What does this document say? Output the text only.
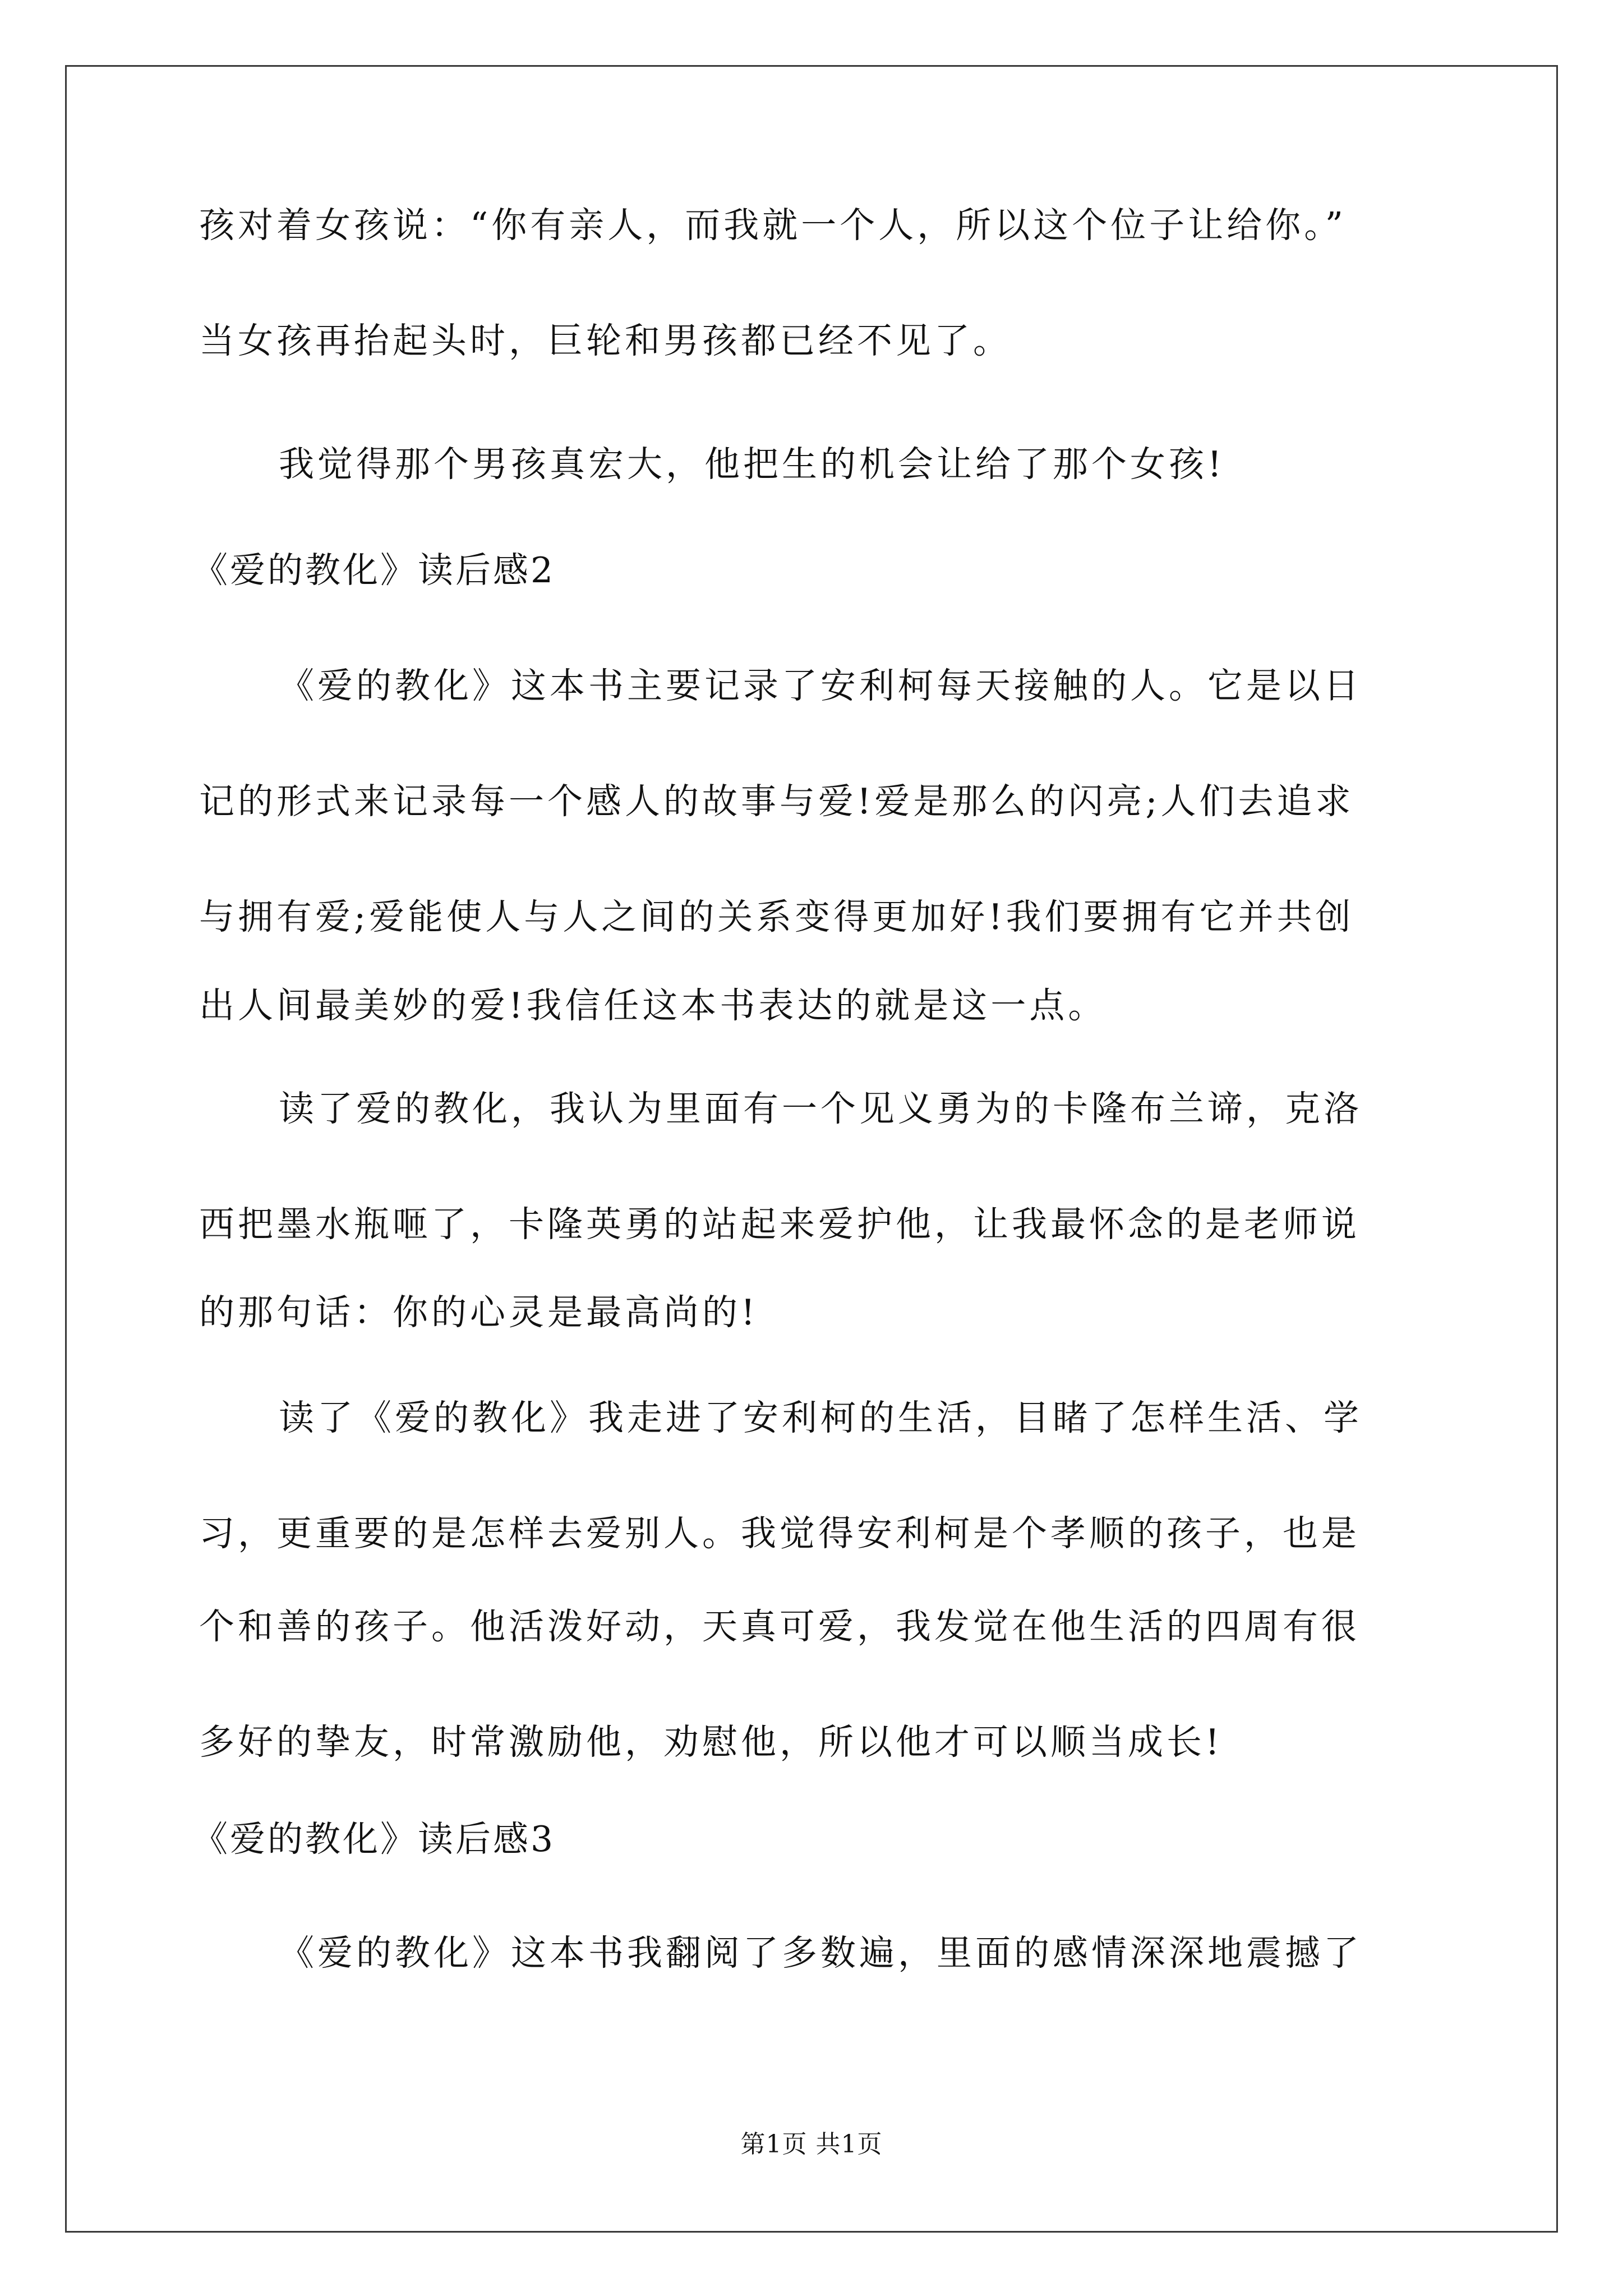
孩对着女孩说：“你有亲人，而我就一个人，所以这个位子让给你。”
当女孩再抬起头时，巨轮和男孩都已经不见了。
我觉得那个男孩真宏大，他把生的机会让给了那个女孩!
《爱的教化》读后感2
《爱的教化》这本书主要记录了安利柯每天接触的人。它是以日
记的形式来记录每一个感人的故事与爱!爱是那么的闪亮;人们去追求
与拥有爱;爱能使人与人之间的关系变得更加好!我们要拥有它并共创
出人间最美妙的爱!我信任这本书表达的就是这一点。
读了爱的教化，我认为里面有一个见义勇为的卡隆布兰谛，克洛
西把墨水瓶咂了，卡隆英勇的站起来爱护他，让我最怀念的是老师说
的那句话：你的心灵是最高尚的!
读了《爱的教化》我走进了安利柯的生活，目睹了怎样生活、学
习，更重要的是怎样去爱别人。我觉得安利柯是个孝顺的孩子，也是
个和善的孩子。他活泼好动，天真可爱，我发觉在他生活的四周有很
多好的挚友，时常激励他，劝慰他，所以他才可以顺当成长!
《爱的教化》读后感3
《爱的教化》这本书我翻阅了多数遍，里面的感情深深地震撼了
第1页 共1页
